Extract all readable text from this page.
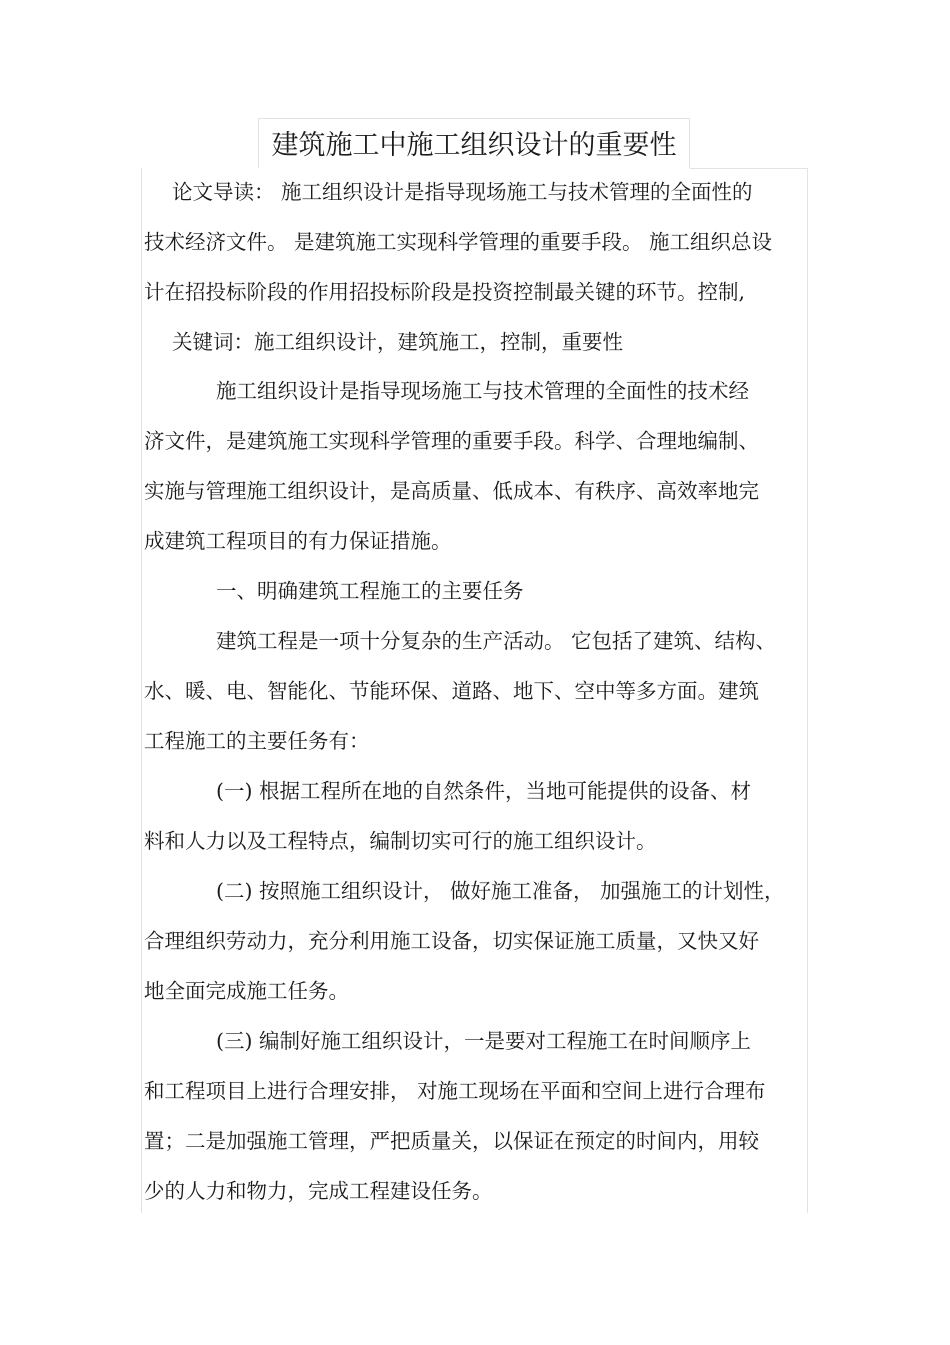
建筑施工中施工组织设计的重要性
论文导读： 施工组织设计是指导现场施工与技术管理的全面性的
技术经济文件。 是建筑施工实现科学管理的重要手段。 施工组织总设
计在招投标阶段的作用招投标阶段是投资控制最关键的环节。控制,
关键词：施工组织设计，建筑施工，控制，重要性
施工组织设计是指导现场施工与技术管理的全面性的技术经
济文件，是建筑施工实现科学管理的重要手段。科学、合理地编制、
实施与管理施工组织设计，是高质量、低成本、有秩序、高效率地完
成建筑工程项目的有力保证措施。
一、明确建筑工程施工的主要任务
建筑工程是一项十分复杂的生产活动。 它包括了建筑、结构、
水、暖、电、智能化、节能环保、道路、地下、空中等多方面。建筑
工程施工的主要任务有：
(一) 根据工程所在地的自然条件，当地可能提供的设备、材
料和人力以及工程特点，编制切实可行的施工组织设计。
(二) 按照施工组织设计， 做好施工准备， 加强施工的计划性，
合理组织劳动力，充分利用施工设备，切实保证施工质量，又快又好
地全面完成施工任务。
(三) 编制好施工组织设计，一是要对工程施工在时间顺序上
和工程项目上进行合理安排， 对施工现场在平面和空间上进行合理布
置；二是加强施工管理，严把质量关，以保证在预定的时间内，用较
少的人力和物力，完成工程建设任务。
